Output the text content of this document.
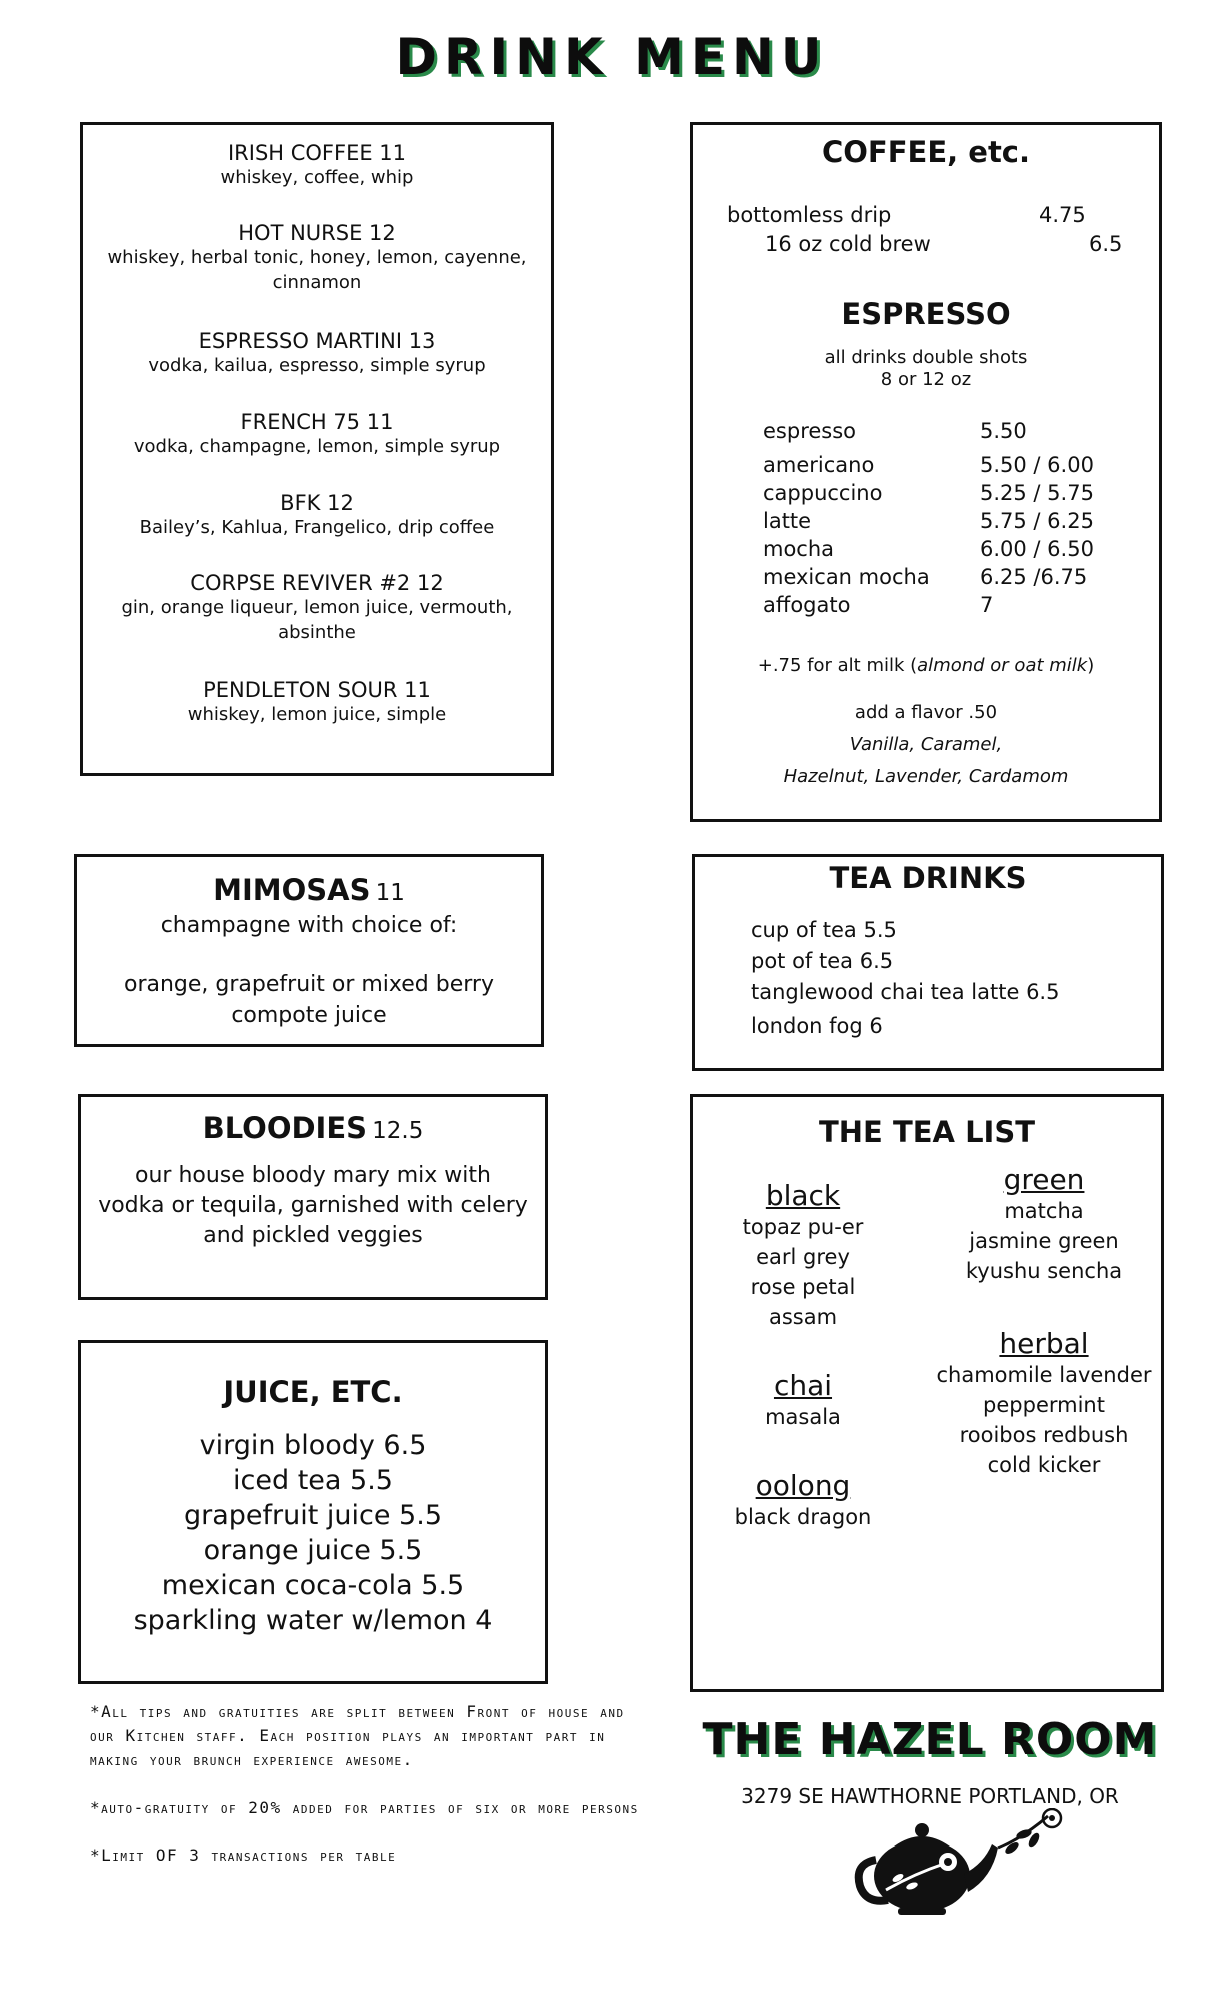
DRINK MENU
IRISH COFFEE 11
whiskey, coffee, whip
HOT NURSE 12
whiskey, herbal tonic, honey, lemon, cayenne, cinnamon
ESPRESSO MARTINI 13
vodka, kailua, espresso, simple syrup
FRENCH 75 11
vodka, champagne, lemon, simple syrup
BFK 12
Bailey’s, Kahlua, Frangelico, drip coffee
CORPSE REVIVER #2 12
gin, orange liqueur, lemon juice, vermouth, absinthe
PENDLETON SOUR 11
whiskey, lemon juice, simple
COFFEE, etc.
bottomless drip	4.75
16 oz cold brew	6.5
ESPRESSO
all drinks double shots
8 or 12 oz
espresso	5.50
americano	5.50 / 6.00
cappuccino	5.25 / 5.75
latte	5.75 / 6.25
mocha	6.00 / 6.50
mexican mocha 6.25 /6.75
affogato	7
+.75 for alt milk (almond or oat milk)
add a flavor .50
Vanilla, Caramel,
Hazelnut, Lavender, Cardamom
MIMOSAS 11
champagne with choice of:
orange, grapefruit or mixed berry
compote juice
BLOODIES 12.5
our house bloody mary mix with
vodka or tequila, garnished with celery
and pickled veggies
JUICE, ETC.
virgin bloody 6.5
iced tea 5.5
grapefruit juice 5.5
orange juice 5.5
mexican coca-cola 5.5
sparkling water w/lemon 4
TEA DRINKS
cup of tea 5.5
pot of tea 6.5
tanglewood chai tea latte 6.5
london fog 6
THE TEA LIST
black
topaz pu-er
earl grey
rose petal
assam
chai
masala
oolong
black dragon
green
matcha
jasmine green
kyushu sencha
herbal
chamomile lavender
peppermint
rooibos redbush
cold kicker

*All tips and gratuities are split between Front of house and our Kitchen staff. Each position plays an important part in making your brunch experience awesome.

*auto-gratuity of 20% added for parties of six or more persons

*Limit OF 3 transactions per table

THE HAZEL ROOM
3279 SE HAWTHORNE PORTLAND, OR
